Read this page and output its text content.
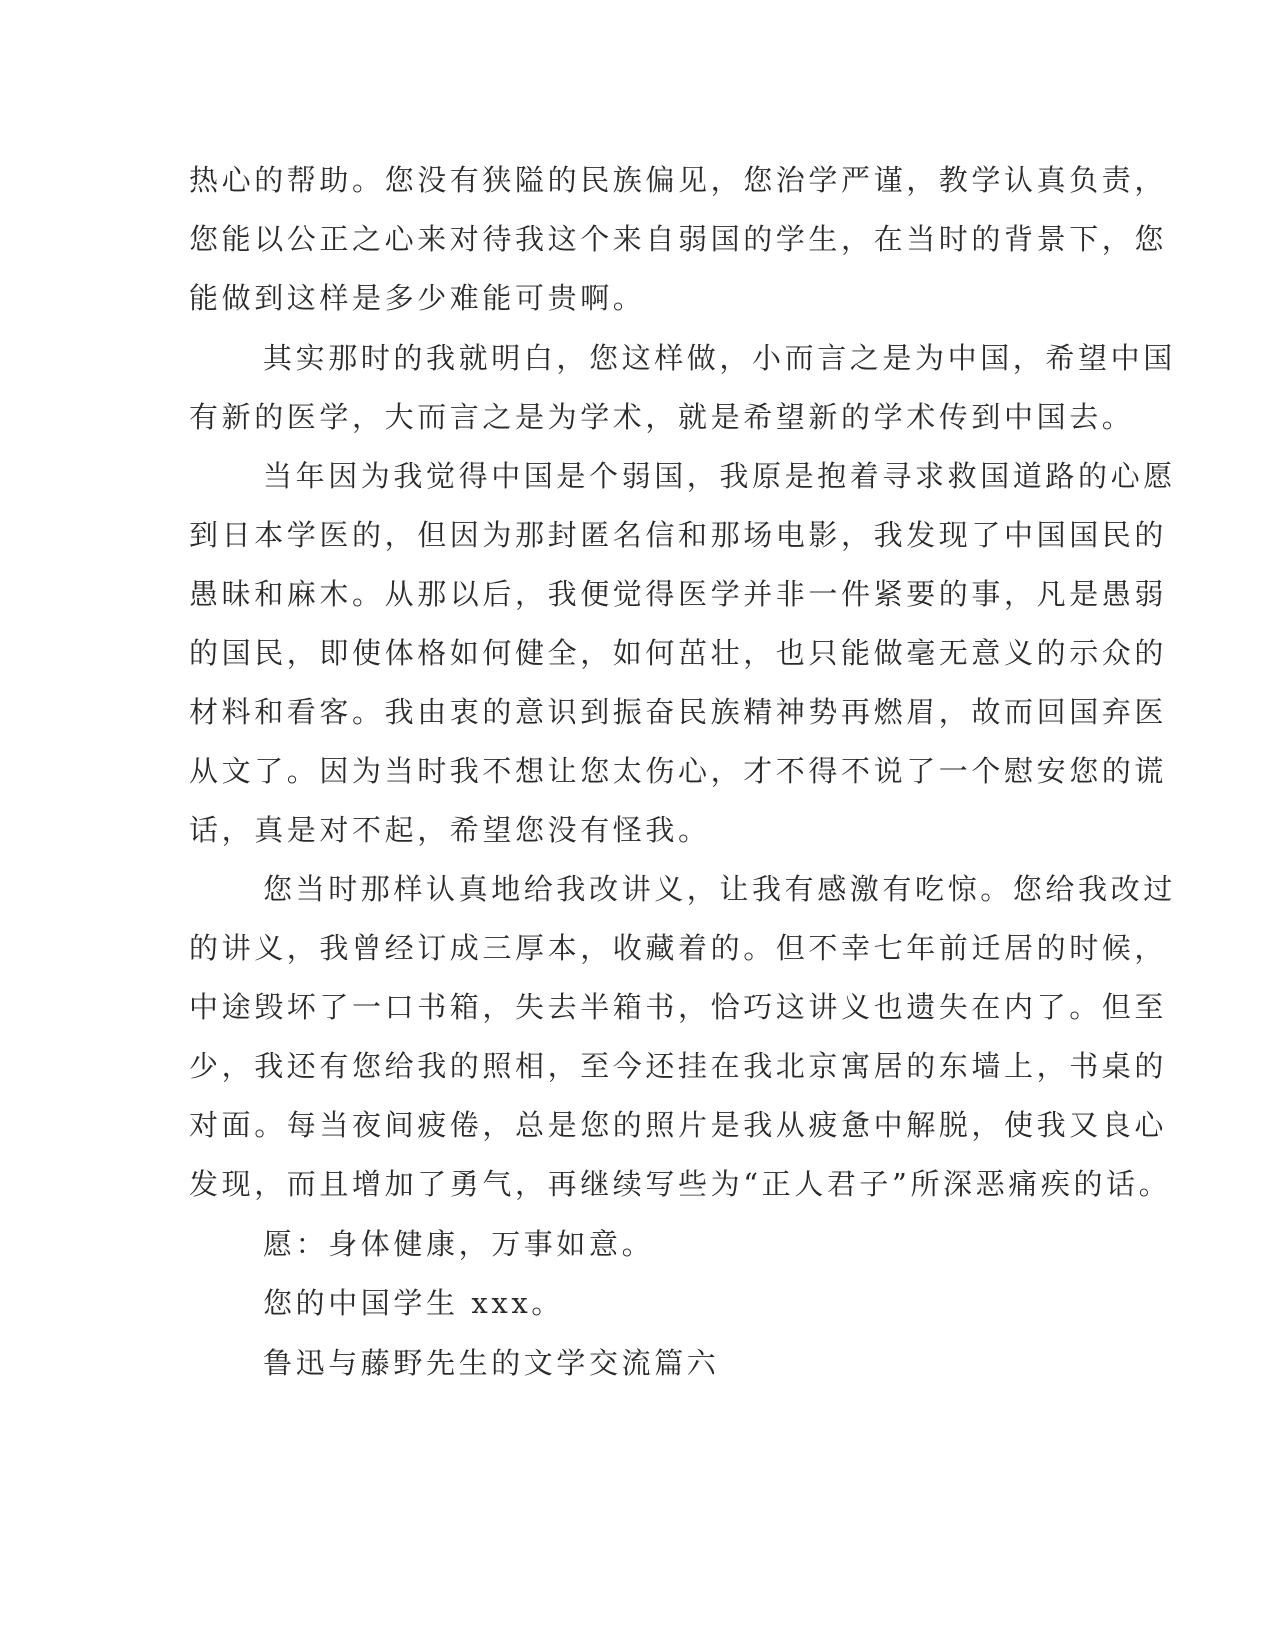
热心的帮助。您没有狭隘的民族偏见，您治学严谨，教学认真负责，

您能以公正之心来对待我这个来自弱国的学生，在当时的背景下，您

能做到这样是多少难能可贵啊。

其实那时的我就明白，您这样做，小而言之是为中国，希望中国

有新的医学，大而言之是为学术，就是希望新的学术传到中国去。

当年因为我觉得中国是个弱国，我原是抱着寻求救国道路的心愿

到日本学医的，但因为那封匿名信和那场电影，我发现了中国国民的

愚昧和麻木。从那以后，我便觉得医学并非一件紧要的事，凡是愚弱

的国民，即使体格如何健全，如何茁壮，也只能做毫无意义的示众的

材料和看客。我由衷的意识到振奋民族精神势再燃眉，故而回国弃医

从文了。因为当时我不想让您太伤心，才不得不说了一个慰安您的谎

话，真是对不起，希望您没有怪我。

您当时那样认真地给我改讲义，让我有感激有吃惊。您给我改过

的讲义，我曾经订成三厚本，收藏着的。但不幸七年前迁居的时候，

中途毁坏了一口书箱，失去半箱书，恰巧这讲义也遗失在内了。但至

少，我还有您给我的照相，至今还挂在我北京寓居的东墙上，书桌的

对面。每当夜间疲倦，总是您的照片是我从疲惫中解脱，使我又良心

发现，而且增加了勇气，再继续写些为“正人君子”所深恶痛疾的话。

愿：身体健康，万事如意。

您的中国学生 xxx。

鲁迅与藤野先生的文学交流篇六
